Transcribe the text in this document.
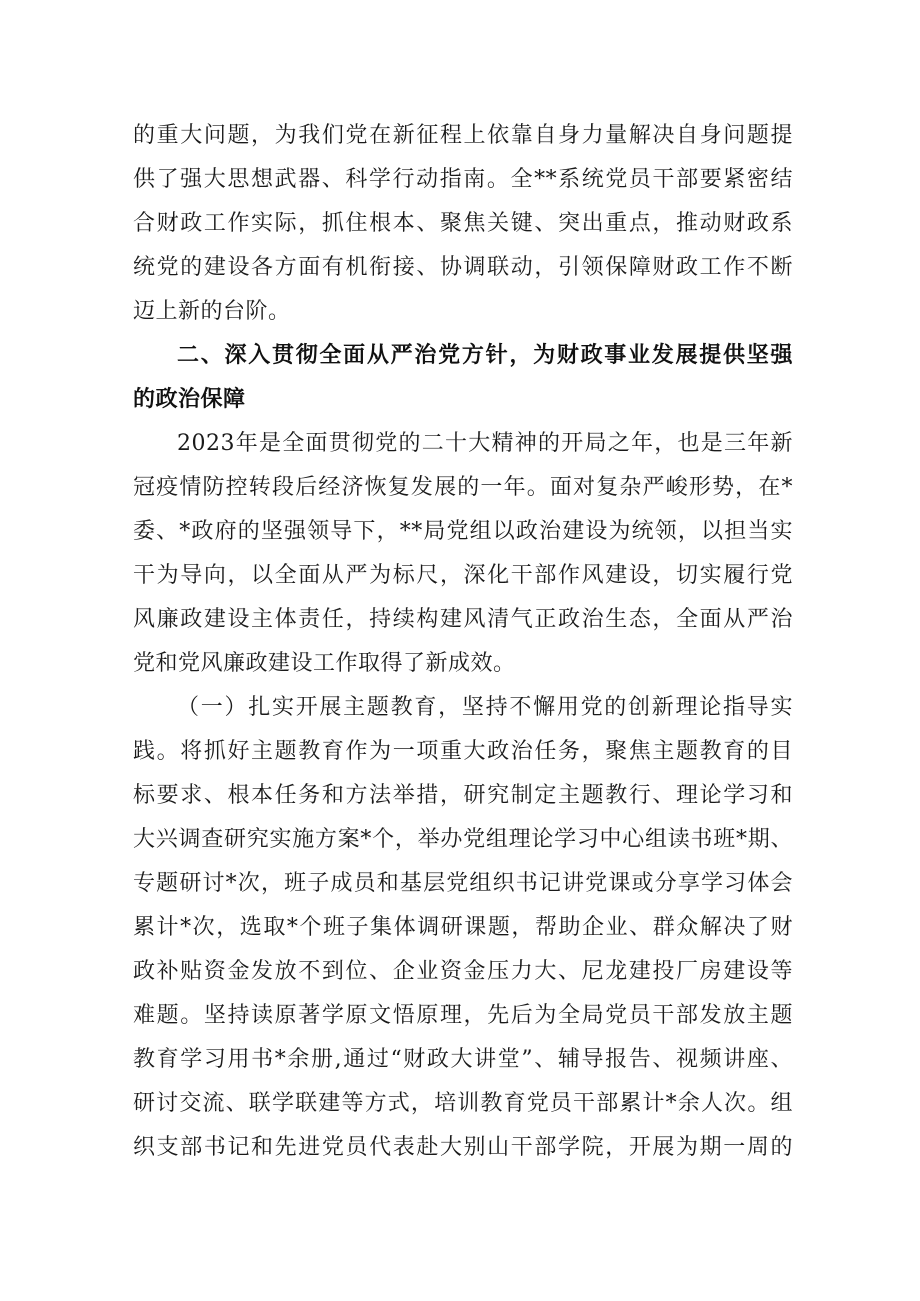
的重大问题，为我们党在新征程上依靠自身力量解决自身问题提
供了强大思想武器、科学行动指南。全**系统党员干部要紧密结
合财政工作实际，抓住根本、聚焦关键、突出重点，推动财政系
统党的建设各方面有机衔接、协调联动，引领保障财政工作不断
迈上新的台阶。
二、深入贯彻全面从严治党方针，为财政事业发展提供坚强
的政治保障
2023年是全面贯彻党的二十大精神的开局之年，也是三年新
冠疫情防控转段后经济恢复发展的一年。面对复杂严峻形势，在*
委、*政府的坚强领导下，**局党组以政治建设为统领，以担当实
干为导向，以全面从严为标尺，深化干部作风建设，切实履行党
风廉政建设主体责任，持续构建风清气正政治生态，全面从严治
党和党风廉政建设工作取得了新成效。
（一）扎实开展主题教育，坚持不懈用党的创新理论指导实
践。将抓好主题教育作为一项重大政治任务，聚焦主题教育的目
标要求、根本任务和方法举措，研究制定主题教行、理论学习和
大兴调查研究实施方案*个，举办党组理论学习中心组读书班*期、
专题研讨*次，班子成员和基层党组织书记讲党课或分享学习体会
累计*次，选取*个班子集体调研课题，帮助企业、群众解决了财
政补贴资金发放不到位、企业资金压力大、尼龙建投厂房建设等
难题。坚持读原著学原文悟原理，先后为全局党员干部发放主题
教育学习用书*余册,通过“财政大讲堂”、辅导报告、视频讲座、
研讨交流、联学联建等方式，培训教育党员干部累计*余人次。组
织支部书记和先进党员代表赴大别山干部学院，开展为期一周的
